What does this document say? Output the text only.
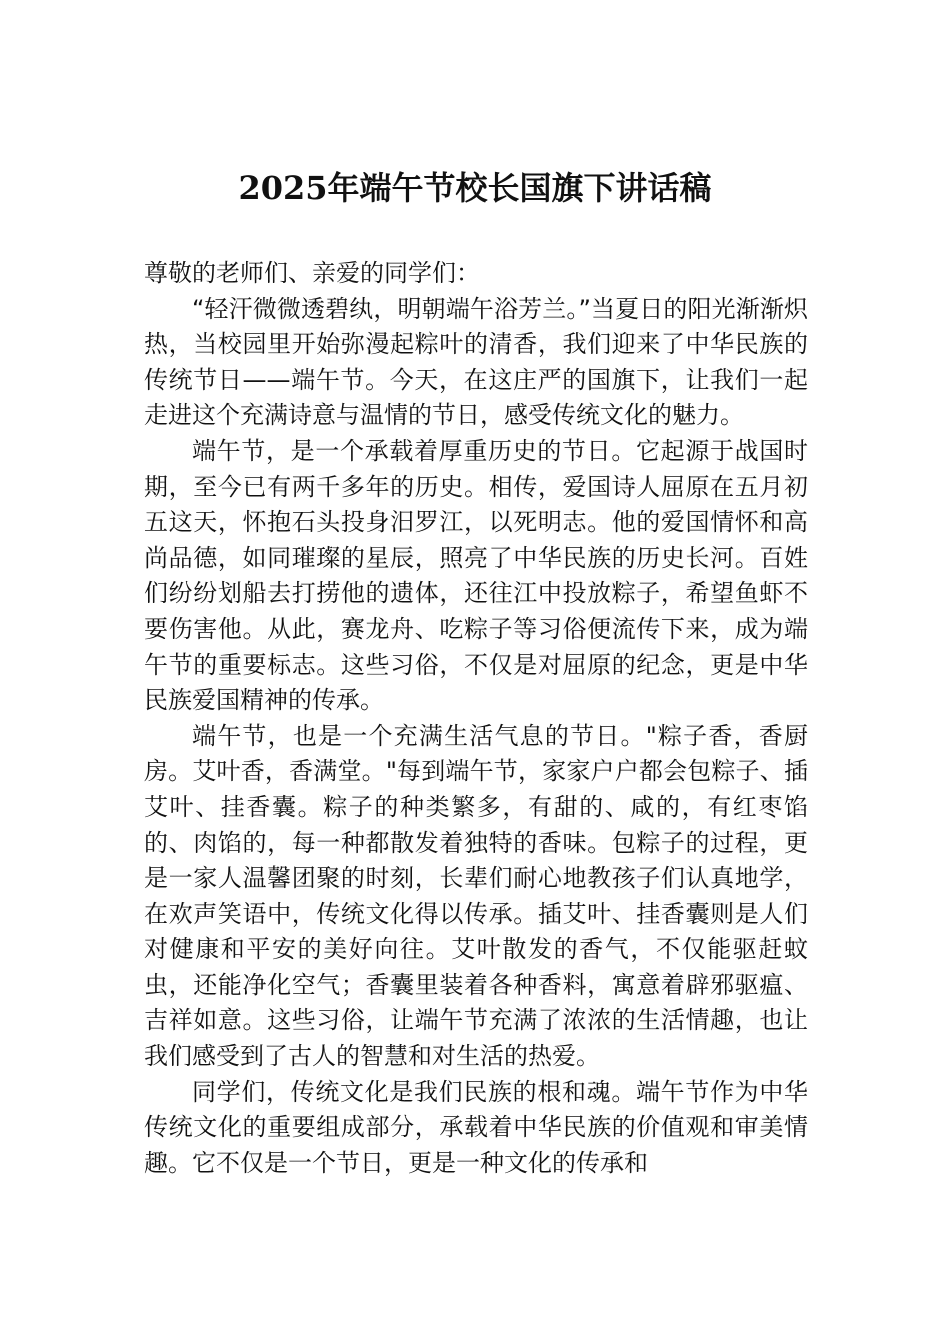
2025年端午节校长国旗下讲话稿

尊敬的老师们、亲爱的同学们：

“轻汗微微透碧纨，明朝端午浴芳兰。”当夏日的阳光渐渐炽热，当校园里开始弥漫起粽叶的清香，我们迎来了中华民族的传统节日——端午节。今天，在这庄严的国旗下，让我们一起走进这个充满诗意与温情的节日，感受传统文化的魅力。

端午节，是一个承载着厚重历史的节日。它起源于战国时期，至今已有两千多年的历史。相传，爱国诗人屈原在五月初五这天，怀抱石头投身汨罗江，以死明志。他的爱国情怀和高尚品德，如同璀璨的星辰，照亮了中华民族的历史长河。百姓们纷纷划船去打捞他的遗体，还往江中投放粽子，希望鱼虾不要伤害他。从此，赛龙舟、吃粽子等习俗便流传下来，成为端午节的重要标志。这些习俗，不仅是对屈原的纪念，更是中华民族爱国精神的传承。

端午节，也是一个充满生活气息的节日。"粽子香，香厨房。艾叶香，香满堂。"每到端午节，家家户户都会包粽子、插艾叶、挂香囊。粽子的种类繁多，有甜的、咸的，有红枣馅的、肉馅的，每一种都散发着独特的香味。包粽子的过程，更是一家人温馨团聚的时刻，长辈们耐心地教孩子们认真地学，在欢声笑语中，传统文化得以传承。插艾叶、挂香囊则是人们对健康和平安的美好向往。艾叶散发的香气，不仅能驱赶蚊虫，还能净化空气；香囊里装着各种香料，寓意着辟邪驱瘟、吉祥如意。这些习俗，让端午节充满了浓浓的生活情趣，也让我们感受到了古人的智慧和对生活的热爱。

同学们，传统文化是我们民族的根和魂。端午节作为中华传统文化的重要组成部分，承载着中华民族的价值观和审美情趣。它不仅是一个节日，更是一种文化的传承和
